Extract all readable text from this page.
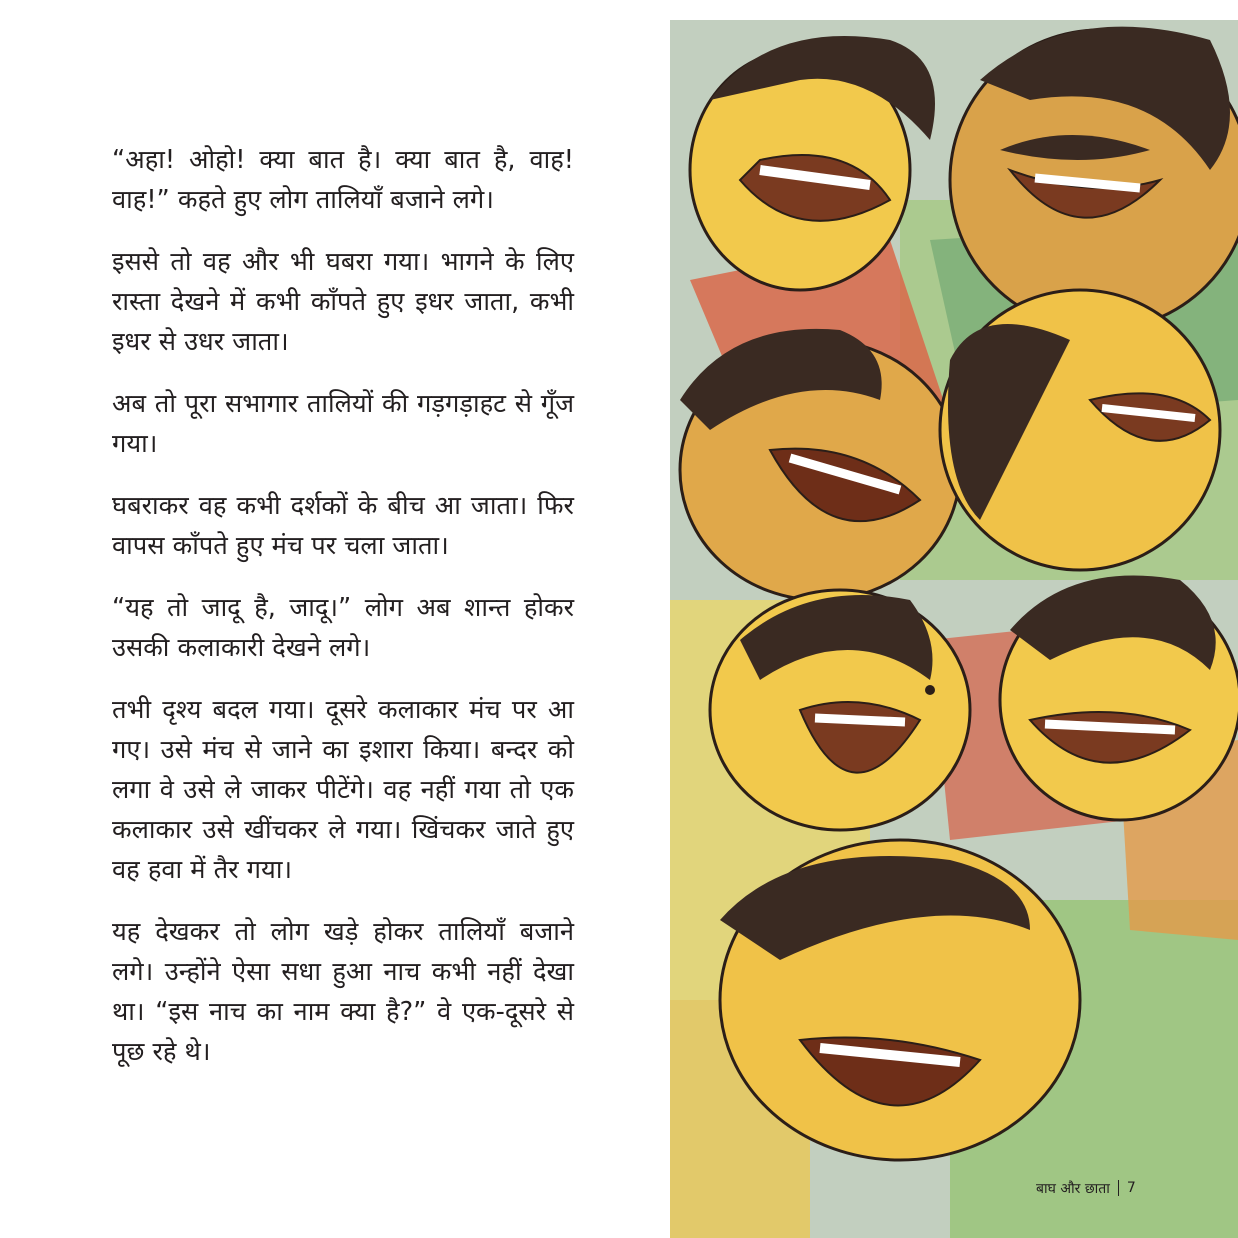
“अहा! ओहो! क्या बात है। क्या बात है, वाह! वाह!” कहते हुए लोग तालियाँ बजाने लगे।

इससे तो वह और भी घबरा गया। भागने के लिए रास्ता देखने में कभी काँपते हुए इधर जाता, कभी इधर से उधर जाता।

अब तो पूरा सभागार तालियों की गड़गड़ाहट से गूँज गया।

घबराकर वह कभी दर्शकों के बीच आ जाता। फिर वापस काँपते हुए मंच पर चला जाता।

“यह तो जादू है, जादू।” लोग अब शान्त होकर उसकी कलाकारी देखने लगे।

तभी दृश्य बदल गया। दूसरे कलाकार मंच पर आ गए। उसे मंच से जाने का इशारा किया। बन्दर को लगा वे उसे ले जाकर पीटेंगे। वह नहीं गया तो एक कलाकार उसे खींचकर ले गया। खिंचकर जाते हुए वह हवा में तैर गया।

यह देखकर तो लोग खड़े होकर तालियाँ बजाने लगे। उन्होंने ऐसा सधा हुआ नाच कभी नहीं देखा था। “इस नाच का नाम क्या है?” वे एक-दूसरे से पूछ रहे थे।

बाघ और छाता 7
